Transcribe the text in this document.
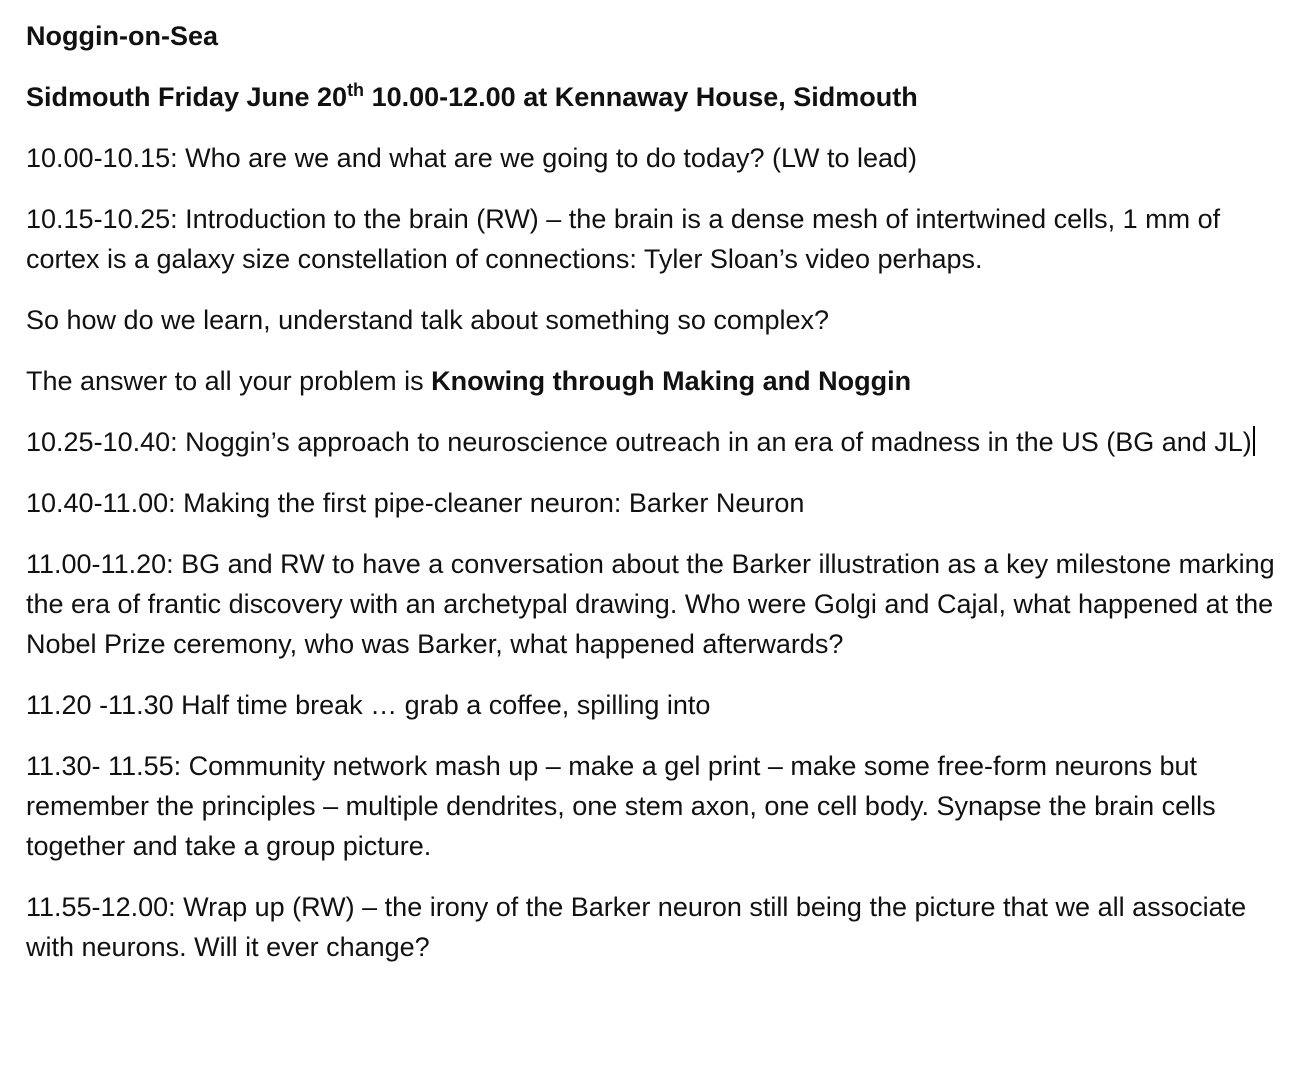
Noggin-on-Sea

Sidmouth Friday June 20th 10.00-12.00 at Kennaway House, Sidmouth

10.00-10.15: Who are we and what are we going to do today? (LW to lead)

10.15-10.25: Introduction to the brain (RW) – the brain is a dense mesh of intertwined cells, 1 mm of cortex is a galaxy size constellation of connections: Tyler Sloan’s video perhaps.

So how do we learn, understand talk about something so complex?

The answer to all your problem is Knowing through Making and Noggin

10.25-10.40: Noggin’s approach to neuroscience outreach in an era of madness in the US (BG and JL)

10.40-11.00: Making the first pipe-cleaner neuron: Barker Neuron

11.00-11.20: BG and RW to have a conversation about the Barker illustration as a key milestone marking the era of frantic discovery with an archetypal drawing. Who were Golgi and Cajal, what happened at the Nobel Prize ceremony, who was Barker, what happened afterwards?

11.20 -11.30 Half time break … grab a coffee, spilling into

11.30- 11.55: Community network mash up – make a gel print – make some free-form neurons but remember the principles – multiple dendrites, one stem axon, one cell body. Synapse the brain cells together and take a group picture.

11.55-12.00: Wrap up (RW) – the irony of the Barker neuron still being the picture that we all associate with neurons. Will it ever change?
